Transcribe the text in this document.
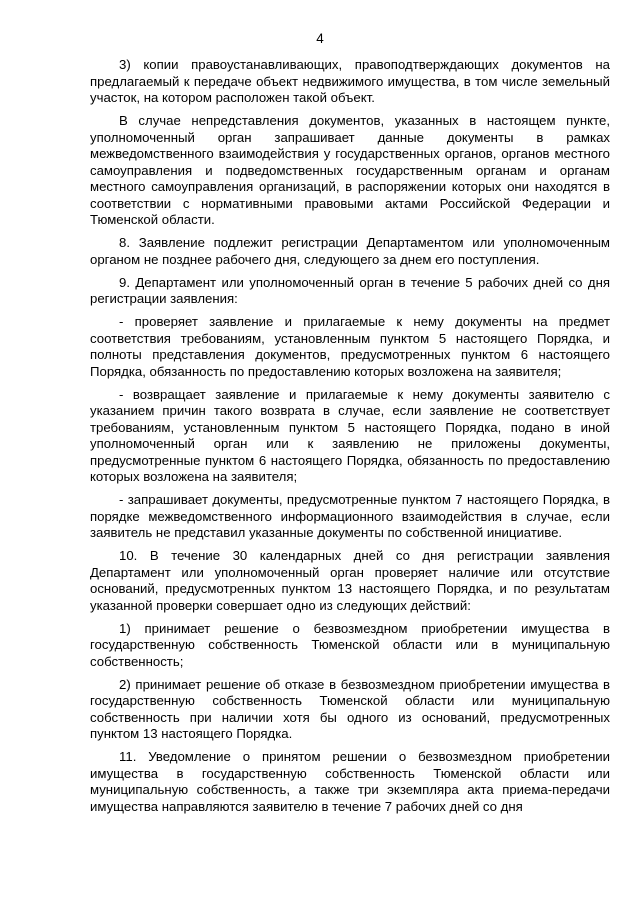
4

3) копии правоустанавливающих, правоподтверждающих документов на предлагаемый к передаче объект недвижимого имущества, в том числе земельный участок, на котором расположен такой объект.

В случае непредставления документов, указанных в настоящем пункте, уполномоченный орган запрашивает данные документы в рамках межведомственного взаимодействия у государственных органов, органов местного самоуправления и подведомственных государственным органам и органам местного самоуправления организаций, в распоряжении которых они находятся в соответствии с нормативными правовыми актами Российской Федерации и Тюменской области.

8. Заявление подлежит регистрации Департаментом или уполномоченным органом не позднее рабочего дня, следующего за днем его поступления.

9. Департамент или уполномоченный орган в течение 5 рабочих дней со дня регистрации заявления:

- проверяет заявление и прилагаемые к нему документы на предмет соответствия требованиям, установленным пунктом 5 настоящего Порядка, и полноты представления документов, предусмотренных пунктом 6 настоящего Порядка, обязанность по предоставлению которых возложена на заявителя;

- возвращает заявление и прилагаемые к нему документы заявителю с указанием причин такого возврата в случае, если заявление не соответствует требованиям, установленным пунктом 5 настоящего Порядка, подано в иной уполномоченный орган или к заявлению не приложены документы, предусмотренные пунктом 6 настоящего Порядка, обязанность по предоставлению которых возложена на заявителя;

- запрашивает документы, предусмотренные пунктом 7 настоящего Порядка, в порядке межведомственного информационного взаимодействия в случае, если заявитель не представил указанные документы по собственной инициативе.

10. В течение 30 календарных дней со дня регистрации заявления Департамент или уполномоченный орган проверяет наличие или отсутствие оснований, предусмотренных пунктом 13 настоящего Порядка, и по результатам указанной проверки совершает одно из следующих действий:

1) принимает решение о безвозмездном приобретении имущества в государственную собственность Тюменской области или в муниципальную собственность;

2) принимает решение об отказе в безвозмездном приобретении имущества в государственную собственность Тюменской области или муниципальную собственность при наличии хотя бы одного из оснований, предусмотренных пунктом 13 настоящего Порядка.

11. Уведомление о принятом решении о безвозмездном приобретении имущества в государственную собственность Тюменской области или муниципальную собственность, а также три экземпляра акта приема-передачи имущества направляются заявителю в течение 7 рабочих дней со дня
